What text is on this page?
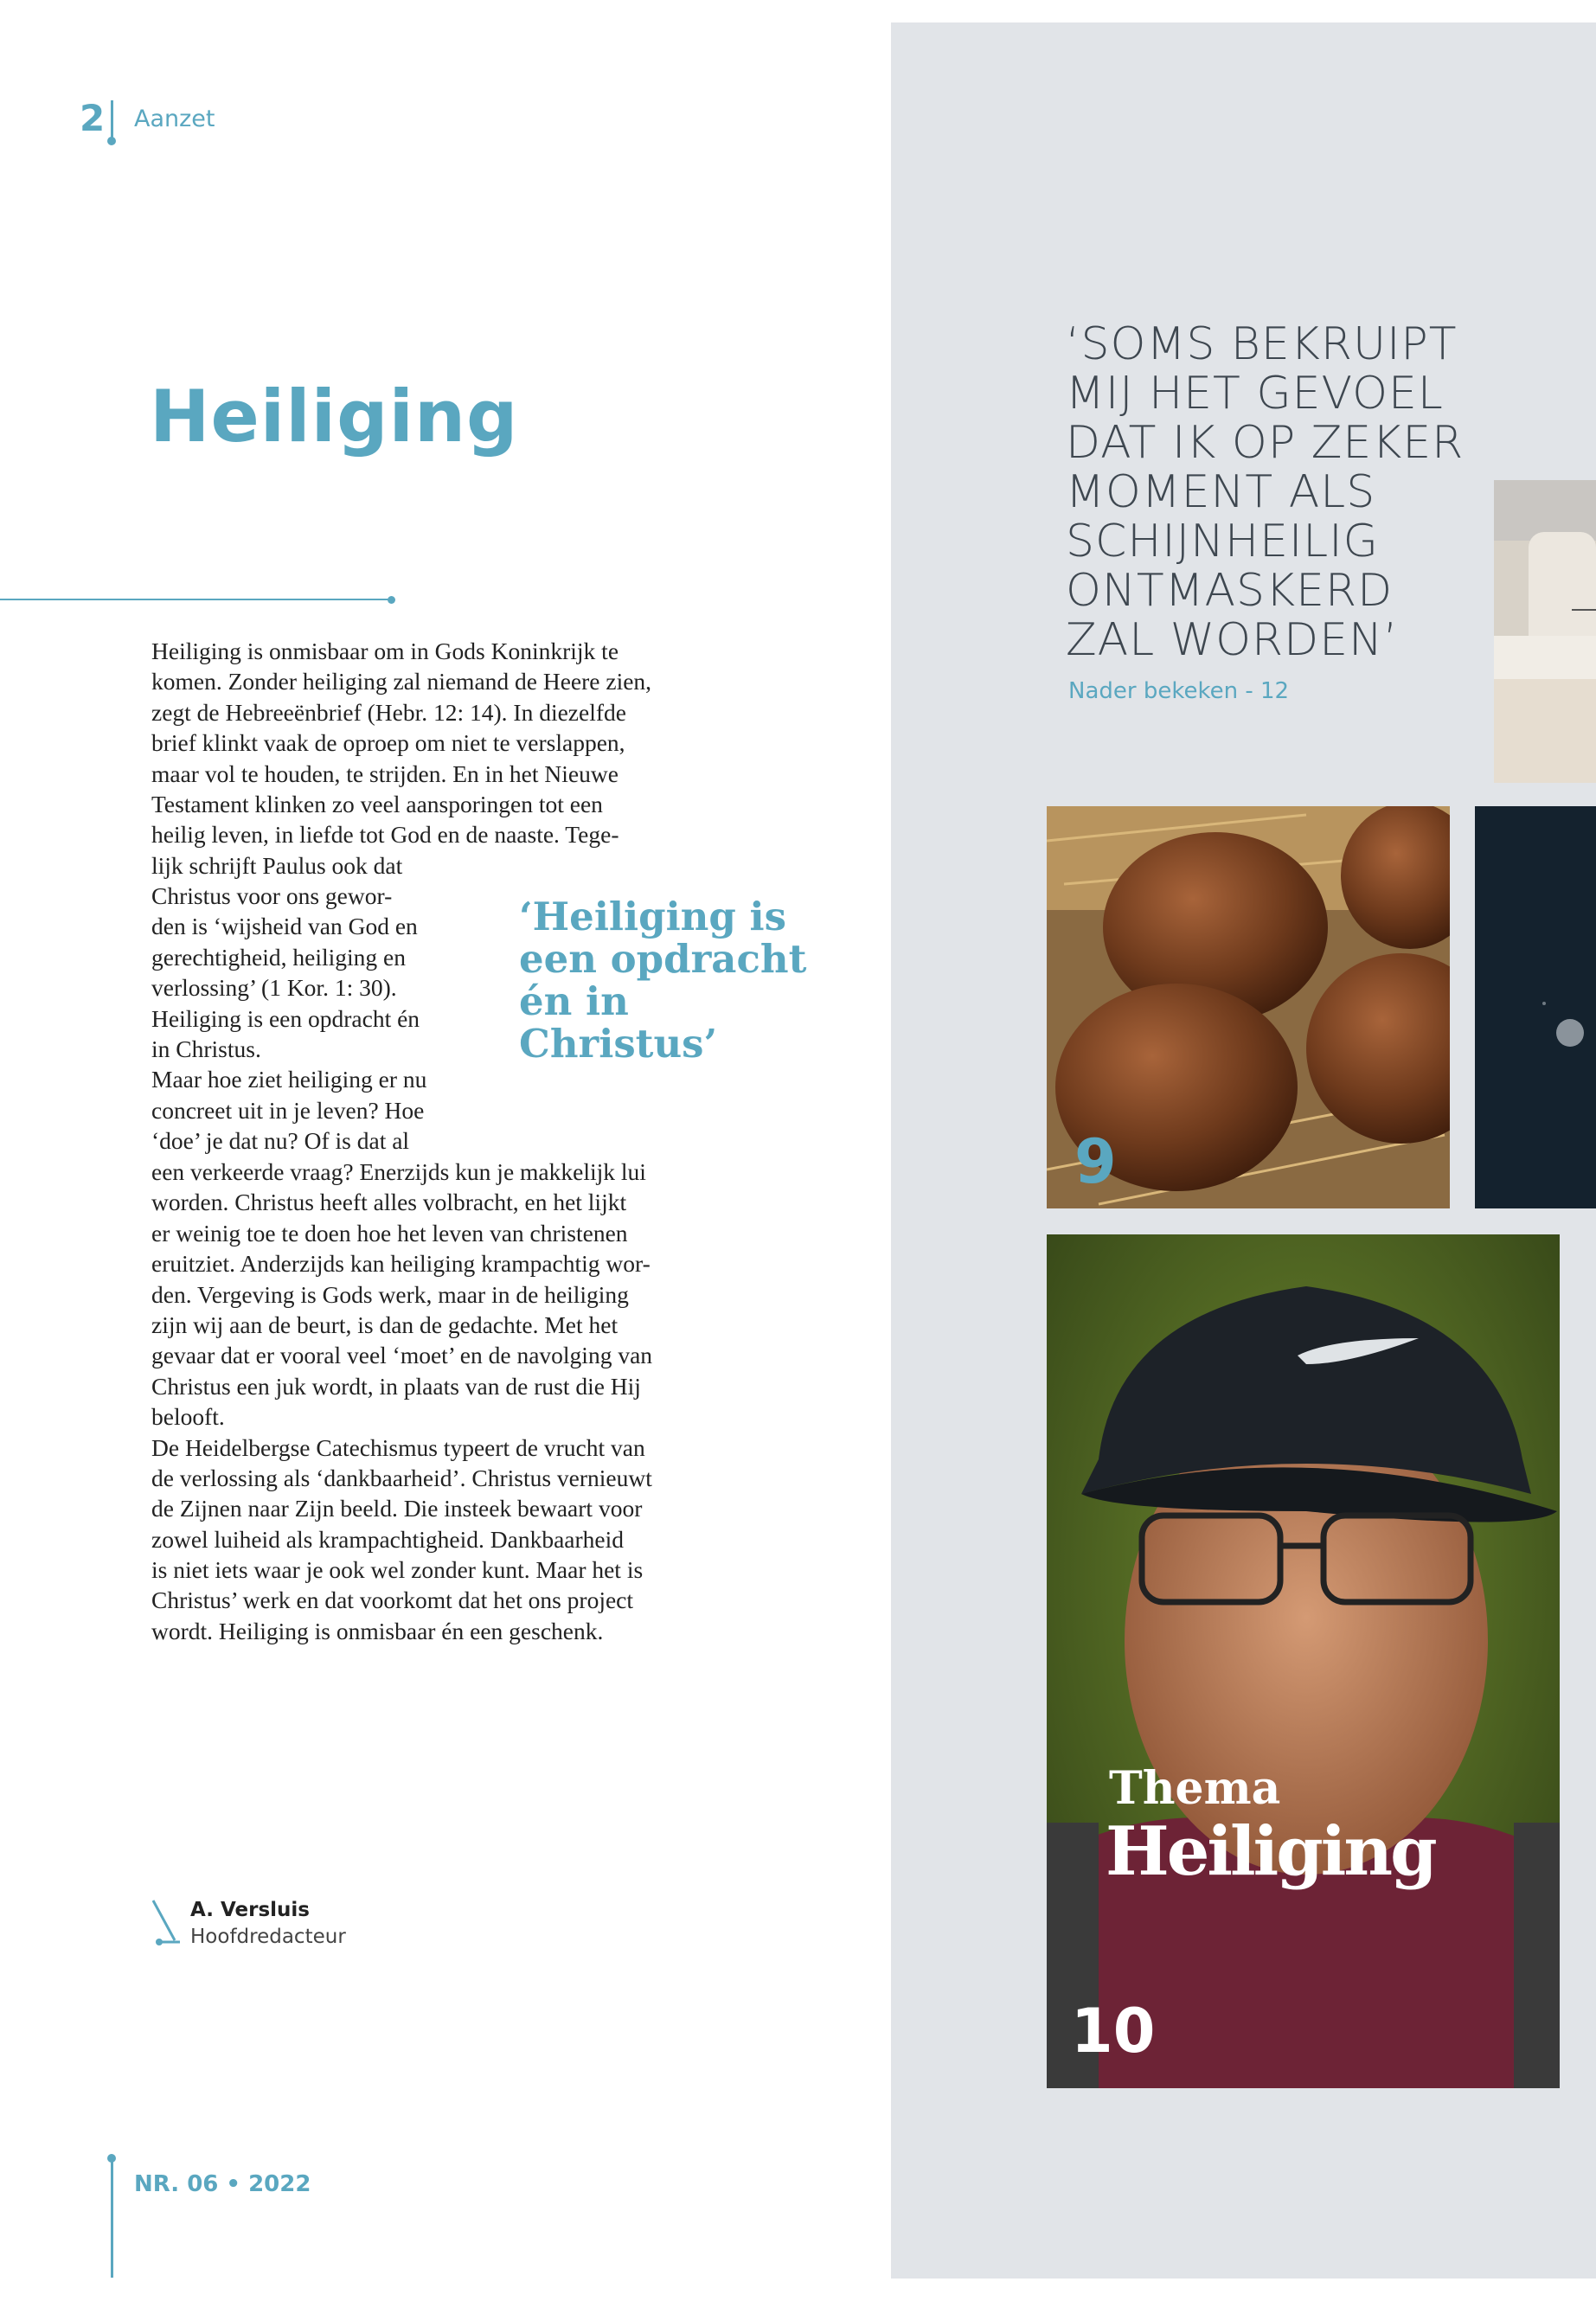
2 Aanzet
Heiliging
Heiliging is onmisbaar om in Gods Koninkrijk te
komen. Zonder heiliging zal niemand de Heere zien,
zegt de Hebreeënbrief (Hebr. 12: 14). In diezelfde
brief klinkt vaak de oproep om niet te verslappen,
maar vol te houden, te strijden. En in het Nieuwe
Testament klinken zo veel aansporingen tot een
heilig leven, in liefde tot God en de naaste. Tege-
lijk schrijft Paulus ook dat
Christus voor ons gewor-
den is ‘wijsheid van God en
gerechtigheid, heiliging en
verlossing’ (1 Kor. 1: 30).
Heiliging is een opdracht én
in Christus.
Maar hoe ziet heiliging er nu
concreet uit in je leven? Hoe
‘doe’ je dat nu? Of is dat al
een verkeerde vraag? Enerzijds kun je makkelijk lui
worden. Christus heeft alles volbracht, en het lijkt
er weinig toe te doen hoe het leven van christenen
eruitziet. Anderzijds kan heiliging krampachtig wor-
den. Vergeving is Gods werk, maar in de heiliging
zijn wij aan de beurt, is dan de gedachte. Met het
gevaar dat er vooral veel ‘moet’ en de navolging van
Christus een juk wordt, in plaats van de rust die Hij
belooft.
De Heidelbergse Catechismus typeert de vrucht van
de verlossing als ‘dankbaarheid’. Christus vernieuwt
de Zijnen naar Zijn beeld. Die insteek bewaart voor
zowel luiheid als krampachtigheid. Dankbaarheid
is niet iets waar je ook wel zonder kunt. Maar het is
Christus’ werk en dat voorkomt dat het ons project
wordt. Heiliging is onmisbaar én een geschenk.
‘Heiliging is
een opdracht
én in
Christus’
A. Versluis
Hoofdredacteur
NR. 06 • 2022
‘SOMS BEKRUIPT
MIJ HET GEVOEL
DAT IK OP ZEKER
MOMENT ALS
SCHIJNHEILIG
ONTMASKERD
ZAL WORDEN’
Nader bekeken - 12
9
Thema
Heiliging
10
